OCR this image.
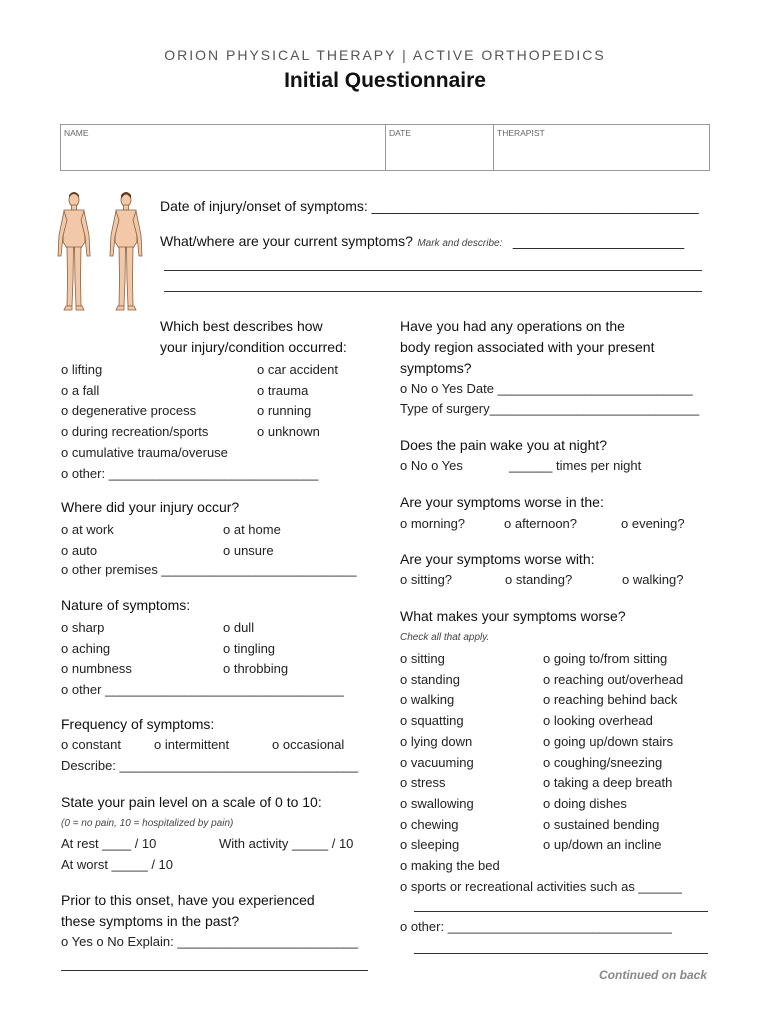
ORION PHYSICAL THERAPY | ACTIVE ORTHOPEDICS
Initial Questionnaire
NAME	DATE	THERAPIST
Date of injury/onset of symptoms: __________________________________________
What/where are your current symptoms? Mark and describe: ______________________
Which best describes how
your injury/condition occurred:
o lifting
o a fall
o degenerative process
o during recreation/sports
o cumulative trauma/overuse
o other: _____________________________
o car accident
o trauma
o running
o unknown
Where did your injury occur?
o at work
o auto
o at home
o unsure
o other premises ___________________________
Nature of symptoms:
o sharp
o aching
o numbness
o other _________________________________
o dull
o tingling
o throbbing
Frequency of symptoms:
o constant	o intermittent	o occasional
Describe: _________________________________
State your pain level on a scale of 0 to 10:
(0 = no pain, 10 = hospitalized by pain)
At rest ____ / 10	With activity _____ / 10
At worst _____ / 10
Prior to this onset, have you experienced
these symptoms in the past?
o Yes o No Explain: _________________________
Have you had any operations on the
body region associated with your present
symptoms?
o No o Yes Date ___________________________
Type of surgery_____________________________
Does the pain wake you at night?
o No o Yes	______ times per night
Are your symptoms worse in the:
o morning?	o afternoon?	o evening?
Are your symptoms worse with:
o sitting?	o standing?	o walking?
What makes your symptoms worse?
Check all that apply.
o sitting
o standing
o walking
o squatting
o lying down
o vacuuming
o stress
o swallowing
o chewing
o sleeping
o making the bed
o sports or recreational activities such as ______
o going to/from sitting
o reaching out/overhead
o reaching behind back
o looking overhead
o going up/down stairs
o coughing/sneezing
o taking a deep breath
o doing dishes
o sustained bending
o up/down an incline
o other: _______________________________
Continued on back
